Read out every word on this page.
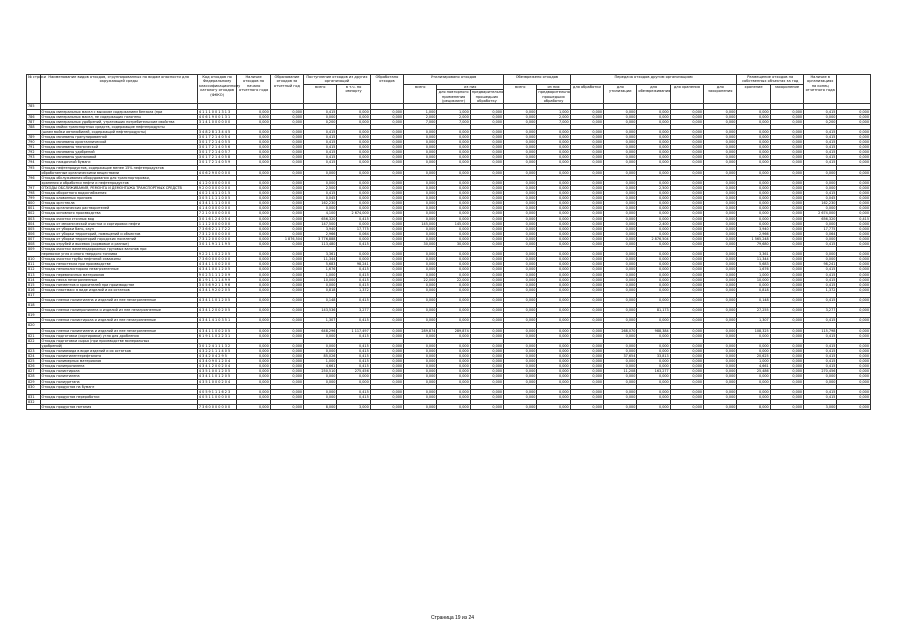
№ строки	Наименование видов отходов, сгруппированных по видам опасности для окружающей среды	Код отходов по Федеральному классификационному каталогу отходов (ФККО)	Наличие отходов на начало отчетного года	Образование отходов за отчетный год	Поступление отходов из других организаций		Обработано отходов	Утилизировано отходов			Обезврежено отходов		Передача отходов другим организациям					Размещение отходов на собственных объектах за год		Наличие в организациях на конец отчетного года	
					всего	в т.ч. по импорту		всего	из них		всего	из них	для обработки	для утилизации	для обезвреживания	для хранения	для захоронения	хранение	захоронение		
									для повторного применения (рециклинг)	предварительно прошедших обработку		предварительно прошедших обработку									
785																					
	Отходы минеральных масел с высоким содержанием бензола (при	4 1 1 1 0 0 1 3 1 3	0,000	0,000	0,415	0,000	0,000	1,000	1,000	0,000	0,000	1,000	0,000	0,000	0,000	0,000	0,000	0,000	0,000	0,415	0,000
786	Отходы минеральных масел, не содержащих галогены	4 0 6 1 9 0 0 1 3 1	0,000	0,000	0,000	0,000	0,000	2,000	2,000	0,000	0,000	2,000	0,000	0,000	0,000	0,000	0,000	0,000	0,000	0,000	0,000
787	Отходы минеральных удобрений, утративших потребительские свойства	3 1 4 1 0 0 0 0 0 0	0,000	0,000	0,200	0,000	0,000	7,000	7,000	0,000	0,000	7,000	0,000	0,000	0,000	0,000	0,000	0,000	0,000	0,200	0,000
788	Отходы мойки транспортных средств, содержащие нефтепродукты																				
	(шлам мойки автомобилей, содержащий нефтепродукты)	3 4 8 2 8 1 3 4 4 5	0,000	0,000	0,415	0,000	0,000	0,000	0,000	0,000	0,000	0,000	0,000	0,000	0,000	0,000	0,000	0,000	0,000	0,415	0,000
789	Отходы мочевины гранулированной	3 0 1 7 2 1 4 0 5 4	0,000	0,000	0,415	0,000	0,000	0,000	0,000	0,000	0,000	0,000	0,000	0,000	0,000	0,000	0,000	0,000	0,000	0,415	0,000
790	Отходы мочевины кристаллической	3 0 1 7 2 1 4 0 5 5	0,000	0,000	0,415	0,000	0,000	0,000	0,000	0,000	0,000	0,000	0,000	0,000	0,000	0,000	0,000	0,000	0,000	0,415	0,000
791	Отходы мочевины технической	3 0 1 7 2 1 4 0 5 6	0,000	0,000	0,415	0,000	0,000	0,000	0,000	0,000	0,000	0,000	0,000	0,000	0,000	0,000	0,000	0,000	0,000	0,415	0,000
792	Отходы мочевины удобрений	3 0 1 7 2 1 4 0 5 7	0,000	0,000	0,415	0,000	0,000	0,000	0,000	0,000	0,000	0,000	0,000	0,000	0,000	0,000	0,000	0,000	0,000	0,415	0,000
793	Отходы мочевины ураналовой	3 0 1 7 2 1 4 0 5 8	0,000	0,000	0,415	0,000	0,000	0,000	0,000	0,000	0,000	0,000	0,000	0,000	0,000	0,000	0,000	0,000	0,000	0,415	0,000
794	Отходы наждачной бумаги	3 0 1 7 2 1 4 0 5 9	0,000	0,000	0,415	0,000	0,000	0,000	0,000	0,000	0,000	0,000	0,000	0,000	0,000	0,000	0,000	0,000	0,000	0,415	0,000
795	Отходы нефтепродуктов, содержащие менее 15% нефтепродуктов																				
	обработанные органическими веществами	4 0 6 2 9 0 0 0 0 0	0,000	0,000	0,000	0,000	0,000	0,000	0,000	0,000	0,000	0,000	0,000	0,000	0,000	0,000	0,000	0,000	0,000	0,000	0,000
796	Отходы обслуживания оборудования для транспортировки,																				
	хранения и обработки нефти и нефтепродуктов	4 1 2 0 0 0 0 0 0 0	0,000	0,000	0,000	0,000	0,000	0,000	0,000	0,000	0,000	0,000	0,000	0,000	0,000	0,000	0,000	0,000	0,000	0,000	0,000
797	ОТХОДЫ ОБСЛУЖИВАНИЯ, РЕМОНТА И ДЕМОНТАЖА ТРАНСПОРТНЫХ СРЕДСТВ	9 2 0 0 0 0 0 0 0 0	0,000	0,000	2,500	0,000	0,000	0,000	0,000	0,000	0,000	0,000	0,000	0,000	2,500	0,000	0,000	0,000	0,000	0,000	0,000
798	Отходы оборотного водоснабжения	4 0 2 1 4 1 1 0 1 5	0,000	0,000	0,415	0,000	0,000	0,000	0,000	0,000	0,000	0,000	0,000	0,000	0,000	0,000	0,000	0,000	0,000	0,415	0,000
799	Отходы оловянных припоев	3 0 5 1 1 1 1 0 0 5	0,000	0,000	0,045	0,000	0,000	0,000	0,000	0,000	0,000	0,000	0,000	0,000	0,000	0,000	0,000	0,000	0,000	0,045	0,000
800	Отходы оргстекла	4 3 4 1 1 1 1 0 0 0	0,000	0,000	162,230	0,000	0,000	0,000	0,000	0,000	0,000	0,000	0,000	0,000	0,000	0,000	0,000	0,000	0,000	162,230	0,000
801	Отходы органических растворителей	4 1 4 0 0 0 0 0 0 0	0,000	0,000	0,000	0,000	0,000	0,000	0,000	0,000	0,000	0,000	0,000	0,000	0,000	0,000	0,000	0,000	0,000	0,000	0,000
802	Отходы основного производства	7 2 1 0 0 0 0 0 0 0	0,000	0,000	4,100	2 674,000	0,000	0,000	0,000	0,000	0,000	0,000	0,000	0,000	0,000	0,000	0,000	0,000	0,000	2 674,000	0,000
803	Отходы очистки сточных вод	3 0 1 6 1 2 4 0 5 4	0,000	0,000	656,320	0,415	0,000	0,000	0,000	0,000	0,000	0,000	0,000	0,000	0,000	0,000	0,000	0,000	0,000	656,320	0,415
804	Отходы от механической очистки и сортировки нефти	1 1 1 2 0 0 0 0 0 0	0,000	0,000	147,500	0,000	0,000	145,000	145,000	0,000	0,000	0,000	0,000	0,000	2,400	0,000	0,000	0,000	0,000	0,000	0,000
805	Отходы от уборки бань, саун	7 3 6 6 2 1 1 7 2 2	0,000	0,000	3,940	17,775	0,000	0,000	0,000	0,000	0,000	0,000	0,000	0,000	0,000	0,000	0,000	3,940	0,000	17,775	0,000
806	Отходы от уборки территорий, помещений и объектов	7 3 1 2 0 0 0 0 0 0	0,000	0,000	2,966	0,064	0,000	0,000	0,000	0,000	0,000	0,000	0,000	0,000	0,000	0,000	0,000	2,966	0,000	0,064	0,000
807	Отходы от уборки территорий городских поселений	7 3 1 2 0 0 0 0 0 0	0,000	1 876,504	3 776,888	0,000	0,000	0,000	0,000	0,000	0,000	0,000	0,000	0,000	2 876,504	0,000	0,000	1 565,248	0,000	0,000	0,000
808	Отходы отрубей и высевок (кормовые и разные)	3 0 1 1 9 1 1 1 9 5	0,000	0,000	113,480	0,415	0,000	30,000	30,000	0,000	0,000	0,000	0,000	0,000	0,000	0,000	0,000	79,680	0,000	0,415	0,000
809	Отходы очистки железнодорожных грузовых вагонов при																				
	перевозке угля и иного твердого топлива	9 2 2 1 1 0 2 2 0 5	0,000	0,000	3,361	0,000	0,000	0,000	0,000	0,000	0,000	0,000	0,000	0,000	0,000	0,000	0,000	3,361	0,000	0,000	0,000
810	Отходы очистки трубы нефтяной скважины	7 3 6 0 0 0 0 0 0 0	0,000	0,000	11,344	0,000	0,000	0,000	0,000	0,000	0,000	0,000	0,000	0,000	0,000	0,000	0,000	11,344	0,000	0,000	0,000
811	Отходы пеностекла при производстве	4 3 4 1 1 0 0 2 0 0	0,000	0,000	5,683	98,241	0,000	0,000	0,000	0,000	0,000	0,000	0,000	0,000	0,000	0,000	0,000	5,683	0,000	98,241	0,000
812	Отходы пенополистирола незагрязненные	4 3 4 1 0 0 1 2 0 5	0,000	0,000	1,676	0,415	0,000	0,000	0,000	0,000	0,000	0,000	0,000	0,000	0,000	0,000	0,000	1,676	0,000	0,415	0,000
813	Отходы перевязочных материалов	9 0 2 3 1 1 1 2 0 9	0,000	0,000	1,000	0,415	0,000	0,000	0,000	0,000	0,000	0,000	0,000	0,000	0,000	0,000	0,000	1,000	0,000	0,415	0,000
814	Отходы песка незагрязненные	8 1 9 1 1 1 1 4 9 9	0,000	0,000	10,000	0,415	0,000	22,000	22,000	0,000	0,000	0,000	0,000	0,000	0,000	0,000	0,000	10,000	0,000	0,415	0,000
815	Отходы пигментов и красителей при производстве	3 0 5 6 9 2 1 1 9 6	0,000	0,000	0,000	0,415	0,000	0,000	0,000	0,000	0,000	0,000	0,000	0,000	0,000	0,000	0,000	0,000	0,000	0,415	0,000
816	Отходы пластмасс в виде изделий и их остатков	4 3 4 1 9 2 0 2 0 5	0,000	0,000	0,818	1,372	0,000	0,000	0,000	0,000	0,000	0,000	0,000	0,000	0,000	0,000	0,000	0,818	0,000	1,372	0,000
817																					
	Отходы пленки полиэтилена и изделий из нее незагрязненные	4 3 4 1 1 0 1 2 0 5	0,000	0,000	0,148	0,415	0,000	0,000	0,000	0,000	0,000	0,000	0,000	0,000	0,000	0,000	0,000	0,148	0,000	0,415	0,000
818																					
	Отходы пленки полипропилена и изделий из нее незагрязненные	4 3 4 1 2 0 0 2 0 5	0,000	0,000	143,536	3,277	0,000	0,000	0,000	0,000	0,000	0,000	0,000	0,000	81,173	0,000	0,000	27,255	0,000	3,277	0,000
819																					
	Отходы пленки полистирола и изделий из нее незагрязненные	4 3 4 1 4 1 0 3 5 1	0,000	0,000	1,307	0,415	0,000	0,000	0,000	0,000	0,000	0,000	0,000	0,000	0,000	0,000	0,000	1,307	0,000	0,415	0,000
820																					
	Отходы пленки полиэтилена и изделий из нее незагрязненные	4 3 4 1 1 0 0 2 0 5	0,000	0,000	648,296	1 117,497	0,000	289,874	289,874	0,000	0,000	0,000	0,000	268,070	988,384	0,000	0,000	108,325	0,000	115,798	0,000
821	Отходы подготовки (сортировки) угля для дробления	6 1 9 1 1 0 2 2 3 1	0,000	0,000	0,000	0,415	0,000	0,000	0,000	0,000	0,000	0,000	0,000	0,000	0,000	0,000	0,000	0,000	0,000	0,415	0,000
822	Отходы подготовки сырья (при производстве минеральных																				
	удобрений)	3 0 1 2 4 1 1 1 3 2	0,000	0,000	0,000	0,415	0,000	0,000	0,000	0,000	0,000	0,000	0,000	0,000	0,000	0,000	0,000	0,000	0,000	0,415	0,000
823	Отходы полиамида в виде изделий и их остатков	4 3 2 2 1 1 1 4 0 5	0,000	0,000	0,000	0,415	0,000	0,000	0,000	0,000	0,000	0,000	0,000	0,000	0,000	0,000	0,000	0,000	0,000	0,415	0,000
824	Отходы полиэтилентерефталата	4 3 4 2 0 4 2 9 5	0,000	0,000	85,026	0,415	0,000	0,000	0,000	0,000	0,000	0,000	0,000	37,654	33,813	0,000	0,000	20,625	0,000	0,415	0,000
825	Отходы полимерных материалов	4 3 4 0 9 0 1 2 0 4	0,000	0,000	1,000	0,415	0,000	0,000	0,000	0,000	0,000	0,000	0,000	0,000	0,000	0,000	0,000	1,000	0,000	0,415	0,000
826	Отходы полипропилена	4 3 4 1 2 0 0 2 0 4	0,000	0,000	4,661	0,415	0,000	0,000	0,000	0,000	0,000	0,000	0,000	0,000	0,000	0,000	0,000	4,661	0,000	0,415	0,000
827	Отходы полистирола	4 3 5 1 0 0 1 2 0 5	0,000	0,000	250,510	275,456	0,000	0,000	0,000	0,000	0,000	0,000	0,000	11,208	163,277	0,000	0,000	25,486	0,000	270,456	0,000
828	Отходы полиэтилена	4 3 4 1 1 0 1 2 0 5	0,000	0,000	0,000	0,000	0,000	0,000	0,000	0,000	0,000	0,000	0,000	0,000	0,000	0,000	0,000	0,000	0,000	0,000	0,000
829	Отходы полиуретана	4 3 5 1 0 0 0 2 0 4	0,000	0,000	0,000	0,000	0,000	0,000	0,000	0,000	0,000	0,000	0,000	0,000	0,000	0,000	0,000	0,000	0,000	0,000	0,000
830	Отходы продуктов на бумаге																				
		4 0 5 9 1 1 1 6 2 3	0,000	0,000	0,000	0,415	0,000	0,000	0,000	0,000	0,000	0,000	0,000	0,000	0,000	0,000	0,000	0,000	0,000	0,415	0,000
831	Отходы продуктов переработки	4 0 5 1 1 0 0 0 0 0	0,000	0,000	0,000	0,415	0,000	0,000	0,000	0,000	0,000	0,000	0,000	0,000	0,000	0,000	0,000	0,000	0,000	0,415	0,000
832																					
	Отходы продуктов питания	7 3 6 0 0 0 0 0 0 0	0,000	0,000	8,000	3,000	0,000	0,000	0,000	0,000	0,000	0,000	0,000	0,000	0,000	0,000	0,000	8,000	0,000	3,000	0,000
Страница 19 из 24
